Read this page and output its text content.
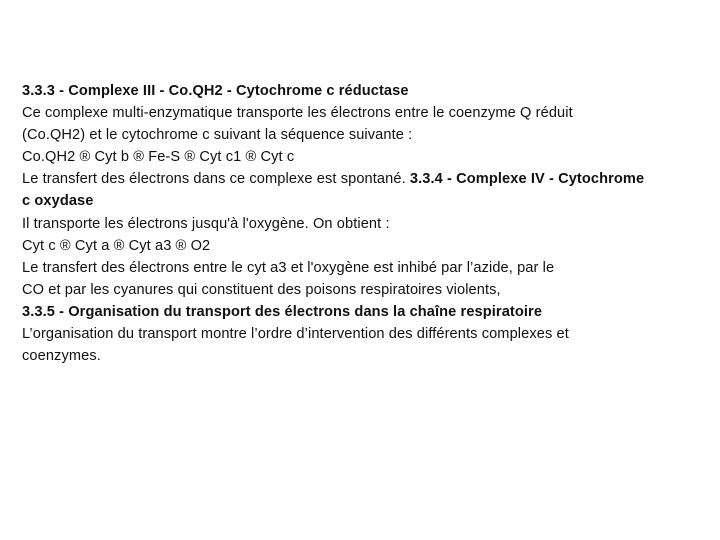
3.3.3 - Complexe III - Co.QH2 - Cytochrome c réductase
Ce complexe multi-enzymatique transporte les électrons entre le coenzyme Q réduit
(Co.QH2) et le cytochrome c suivant la séquence suivante :
Co.QH2 ® Cyt b ® Fe-S ® Cyt c1 ® Cyt c
Le transfert des électrons dans ce complexe est spontané. 3.3.4 - Complexe IV - Cytochrome
c oxydase
Il transporte les électrons jusqu'à l'oxygène. On obtient :
Cyt c ® Cyt a ® Cyt a3 ® O2
Le transfert des électrons entre le cyt a3 et l'oxygène est inhibé par l’azide, par le
CO et par les cyanures qui constituent des poisons respiratoires violents,
3.3.5 - Organisation du transport des électrons dans la chaîne respiratoire
L’organisation du transport montre l’ordre d’intervention des différents complexes et
coenzymes.
